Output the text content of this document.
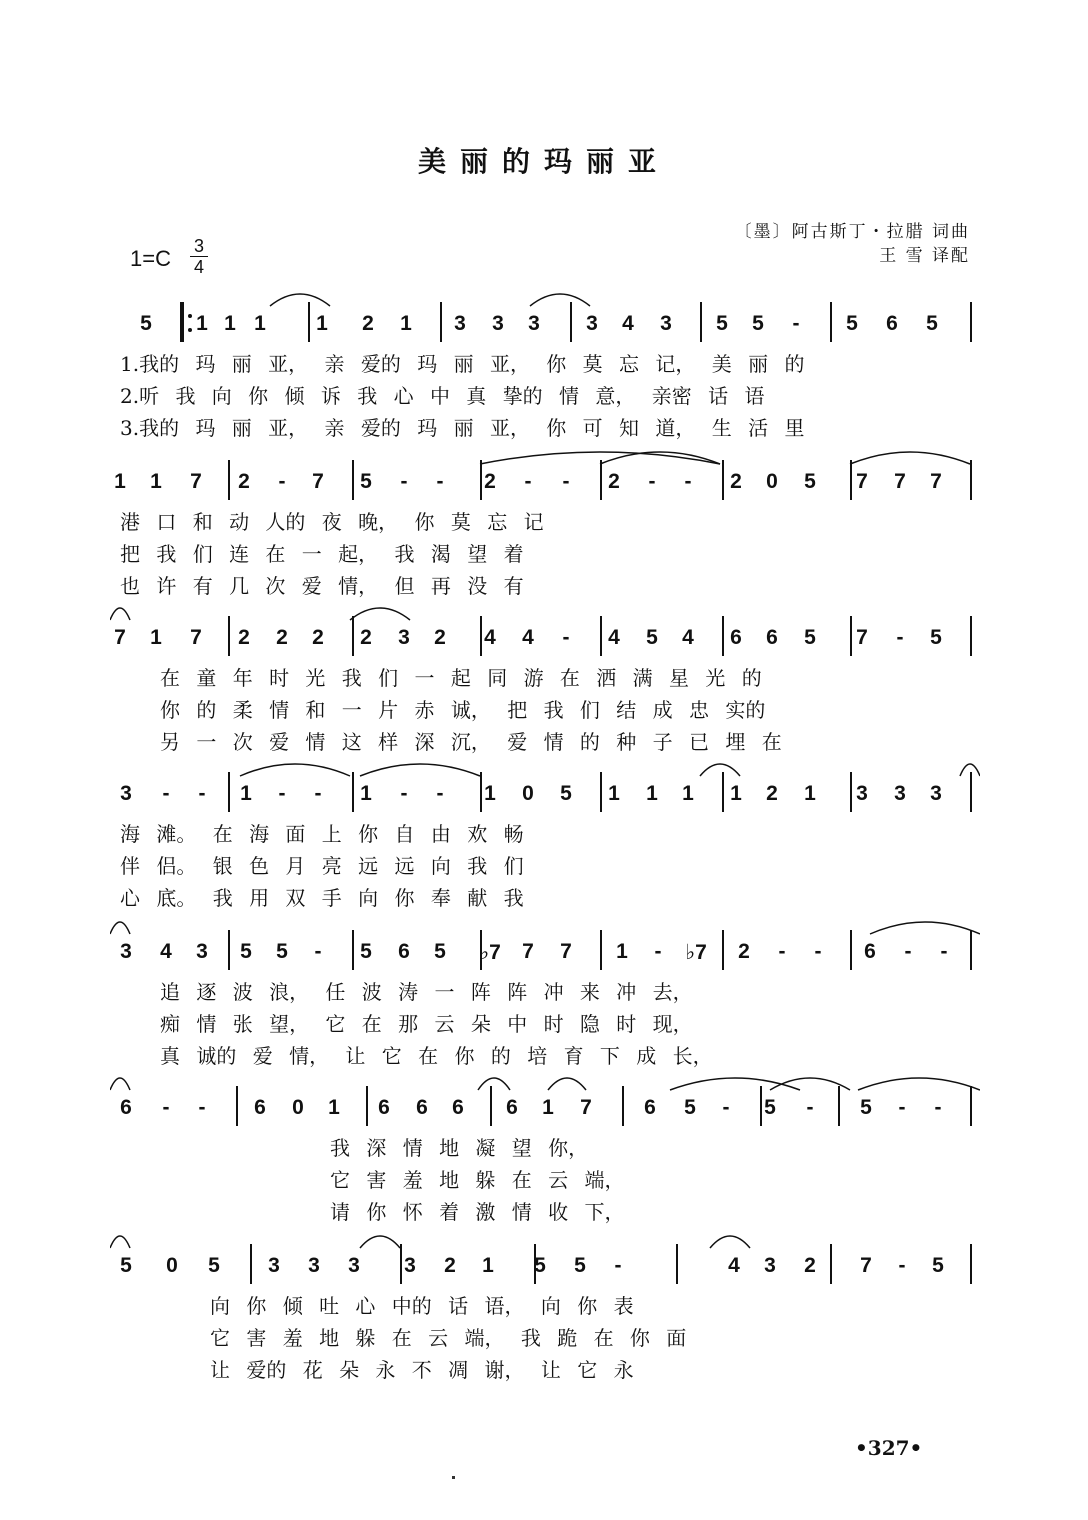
美丽的玛丽亚
1=C 3
4
〔墨〕阿古斯丁・拉腊 词曲
王 雪 译配
5 1 1 1 1 2 1 3 3 3 3 4 3 5 5 - 5 6 5
1.我的 玛 丽 亚， 亲 爱的 玛 丽 亚， 你 莫 忘 记， 美 丽 的
2.听 我 向 你 倾 诉 我 心 中 真 挚的 情 意， 亲密 话 语
3.我的 玛 丽 亚， 亲 爱的 玛 丽 亚， 你 可 知 道， 生 活 里
1 1 7 2 - 7 5 - - 2 - - 2 - - 2 0 5 7 7 7
港 口 和 动 人的 夜 晚， 你 莫 忘 记
把 我 们 连 在 一 起， 我 渴 望 着
也 许 有 几 次 爱 情， 但 再 没 有
7 1 7 2 2 2 2 3 2 4 4 - 4 5 4 6 6 5 7 - 5
在 童 年 时 光 我 们 一 起 同 游 在 洒 满 星 光 的
你 的 柔 情 和 一 片 赤 诚， 把 我 们 结 成 忠 实的
另 一 次 爱 情 这 样 深 沉， 爱 情 的 种 子 已 埋 在
3 - - 1 - - 1 - - 1 0 5 1 1 1 1 2 1 3 3 3
海 滩。 在 海 面 上 你 自 由 欢 畅
伴 侣。 银 色 月 亮 远 远 向 我 们
心 底。 我 用 双 手 向 你 奉 献 我
3 4 3 5 5 - 5 6 5 ♭7 7 7 1 - ♭7 2 - - 6 - -
追 逐 波 浪， 任 波 涛 一 阵 阵 冲 来 冲 去，
痴 情 张 望， 它 在 那 云 朵 中 时 隐 时 现，
真 诚的 爱 情， 让 它 在 你 的 培 育 下 成 长，
6 - - 6 0 1 6 6 6 6 1 7 6 5 - 5 - 5 - -
我 深 情 地 凝 望 你，
它 害 羞 地 躲 在 云 端，
请 你 怀 着 激 情 收 下，
5 0 5 3 3 3 3 2 1 5 5 -	4 3 2 7 - 5
向 你 倾 吐 心 中的 话 语， 向 你 表
它 害 羞 地 躲 在 云 端， 我 跪 在 你 面
让 爱的 花 朵 永 不 凋 谢， 让 它 永
•327•
